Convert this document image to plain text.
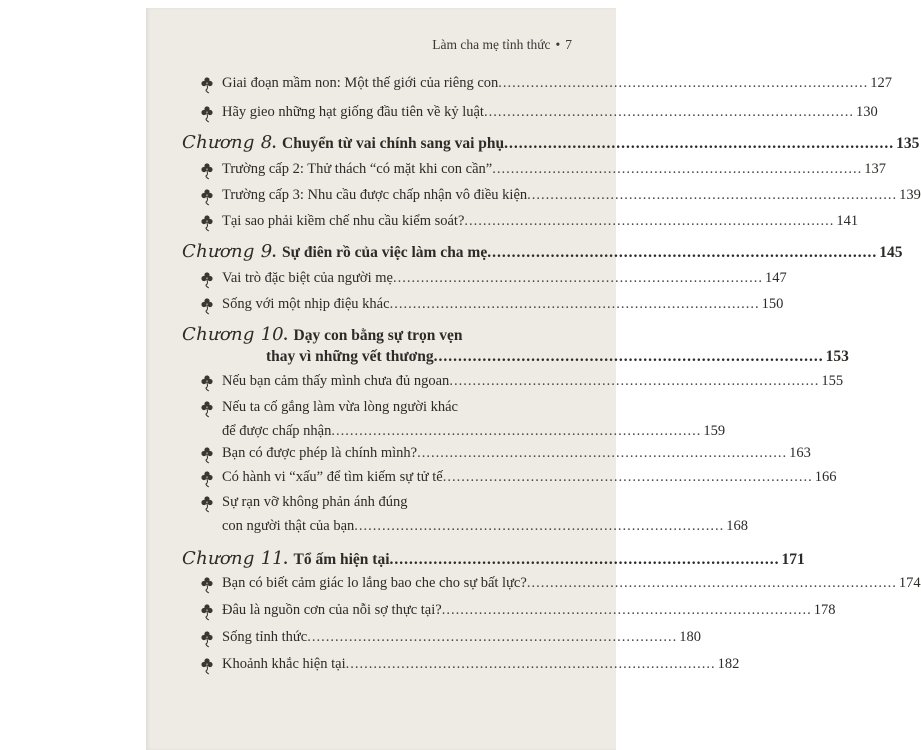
Làm cha mẹ tỉnh thức • 7
Giai đoạn mầm non: Một thế giới của riêng con ................................................................................ 127
Hãy gieo những hạt giống đầu tiên về kỷ luật ................................................................................ 130
Chương 8 . Chuyển từ vai chính sang vai phụ ................................................................................ 135
Trường cấp 2: Thử thách “có mặt khi con cần” ................................................................................ 137
Trường cấp 3: Nhu cầu được chấp nhận vô điều kiện ................................................................................ 139
Tại sao phải kiềm chế nhu cầu kiểm soát? ................................................................................ 141
Chương 9 . Sự điên rồ của việc làm cha mẹ ................................................................................ 145
Vai trò đặc biệt của người mẹ ................................................................................ 147
Sống với một nhịp điệu khác ................................................................................ 150
Chương 10 . Dạy con bằng sự trọn vẹn
thay vì những vết thương ................................................................................ 153
Nếu bạn cảm thấy mình chưa đủ ngoan ................................................................................ 155
Nếu ta cố gắng làm vừa lòng người khác
để được chấp nhận ................................................................................ 159
Bạn có được phép là chính mình? ................................................................................ 163
Có hành vi “xấu” để tìm kiếm sự tử tế ................................................................................ 166
Sự rạn vỡ không phản ánh đúng
con người thật của bạn ................................................................................ 168
Chương 11 . Tổ ấm hiện tại ................................................................................ 171
Bạn có biết cảm giác lo lắng bao che cho sự bất lực? ................................................................................ 174
Đâu là nguồn cơn của nỗi sợ thực tại? ................................................................................ 178
Sống tỉnh thức ................................................................................ 180
Khoảnh khắc hiện tại ................................................................................ 182
